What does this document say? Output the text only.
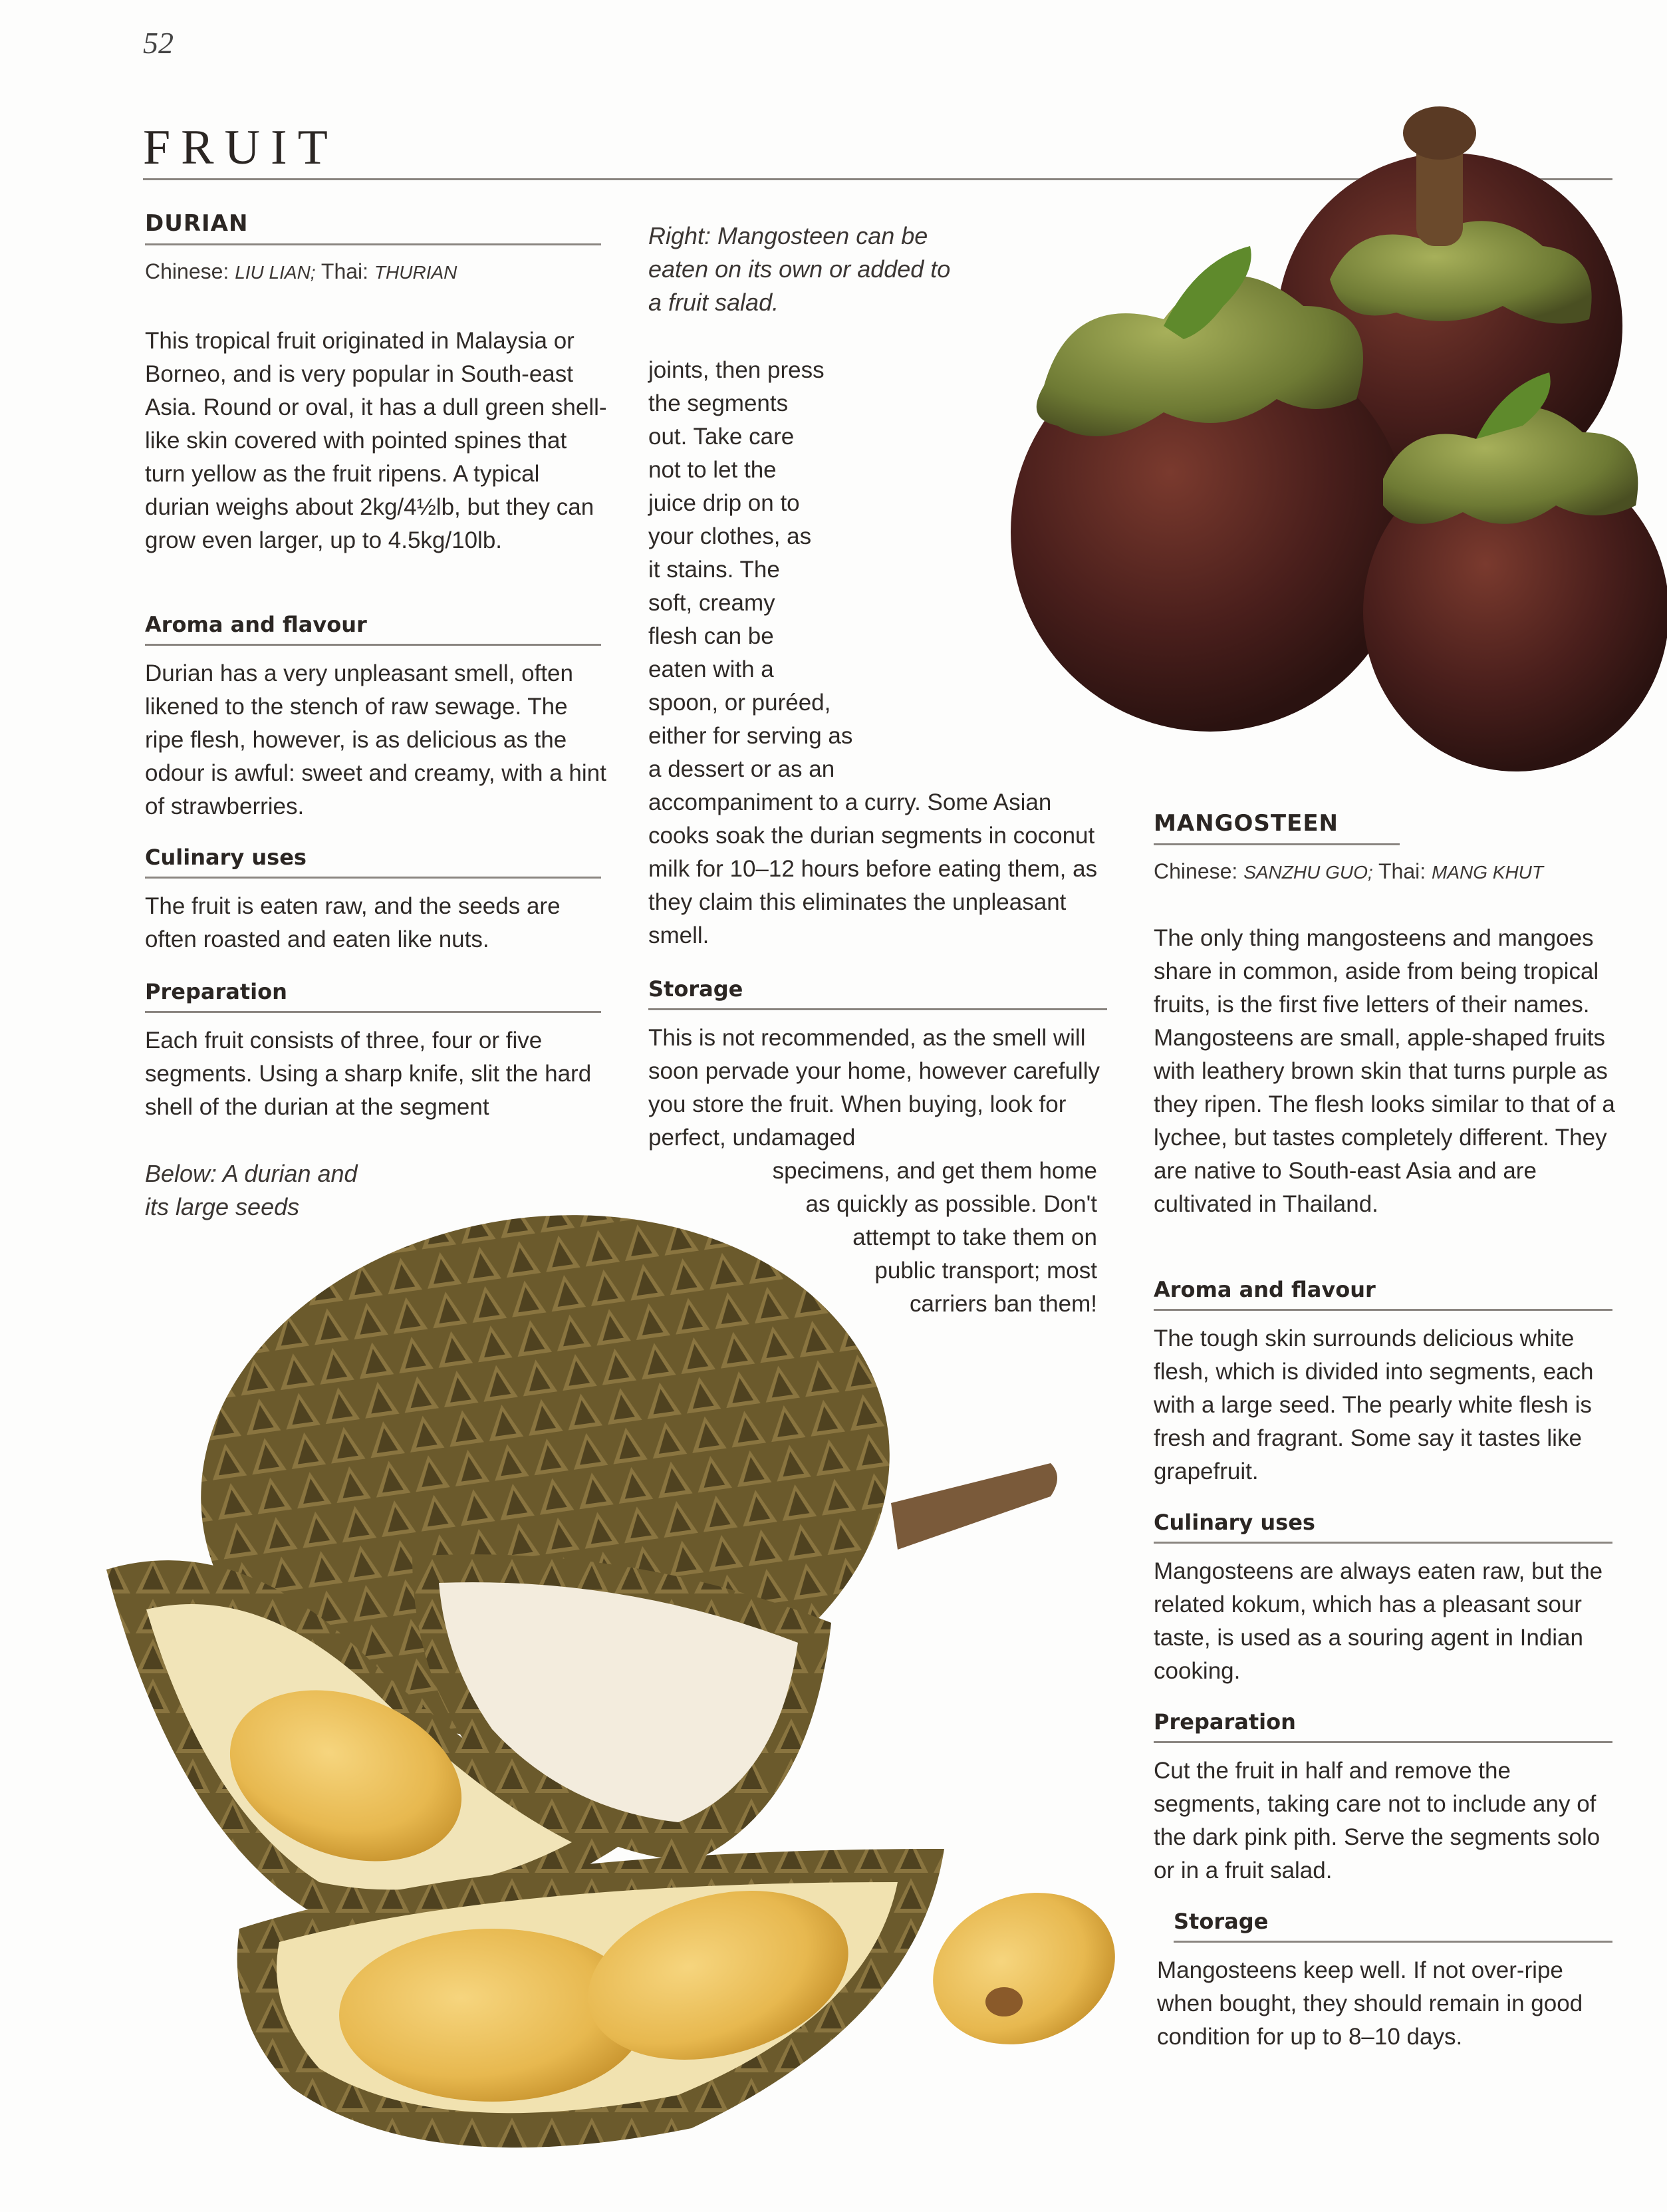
52
FRUIT
DURIAN
Chinese: LIU LIAN; Thai: THURIAN

This tropical fruit originated in Malaysia or Borneo, and is very popular in South-east Asia. Round or oval, it has a dull green shell-like skin covered with pointed spines that turn yellow as the fruit ripens. A typical durian weighs about 2kg/4½lb, but they can grow even larger, up to 4.5kg/10lb.

Aroma and flavour

Durian has a very unpleasant smell, often likened to the stench of raw sewage. The ripe flesh, however, is as delicious as the odour is awful: sweet and creamy, with a hint of strawberries.

Culinary uses

The fruit is eaten raw, and the seeds are often roasted and eaten like nuts.

Preparation

Each fruit consists of three, four or five segments. Using a sharp knife, slit the hard shell of the durian at the segment

Below: A durian and
its large seeds
Right: Mangosteen can be
eaten on its own or added to
a fruit salad.
joints, then press
the segments
out. Take care
not to let the
juice drip on to
your clothes, as
it stains. The
soft, creamy
flesh can be
eaten with a
spoon, or puréed,
either for serving as
a dessert or as an

accompaniment to a curry. Some Asian cooks soak the durian segments in coconut milk for 10–12 hours before eating them, as they claim this eliminates the unpleasant smell.

Storage

This is not recommended, as the smell will soon pervade your home, however carefully you store the fruit. When buying, look for perfect, undamaged

specimens, and get them home
as quickly as possible. Don't
attempt to take them on
public transport; most
carriers ban them!
MANGOSTEEN
Chinese: SANZHU GUO; Thai: MANG KHUT

The only thing mangosteens and mangoes share in common, aside from being tropical fruits, is the first five letters of their names. Mangosteens are small, apple-shaped fruits with leathery brown skin that turns purple as they ripen. The flesh looks similar to that of a lychee, but tastes completely different. They are native to South-east Asia and are cultivated in Thailand.

Aroma and flavour

The tough skin surrounds delicious white flesh, which is divided into segments, each with a large seed. The pearly white flesh is fresh and fragrant. Some say it tastes like grapefruit.

Culinary uses

Mangosteens are always eaten raw, but the related kokum, which has a pleasant sour taste, is used as a souring agent in Indian cooking.

Preparation

Cut the fruit in half and remove the segments, taking care not to include any of the dark pink pith. Serve the segments solo or in a fruit salad.

Storage

Mangosteens keep well. If not over-ripe when bought, they should remain in good condition for up to 8–10 days.
